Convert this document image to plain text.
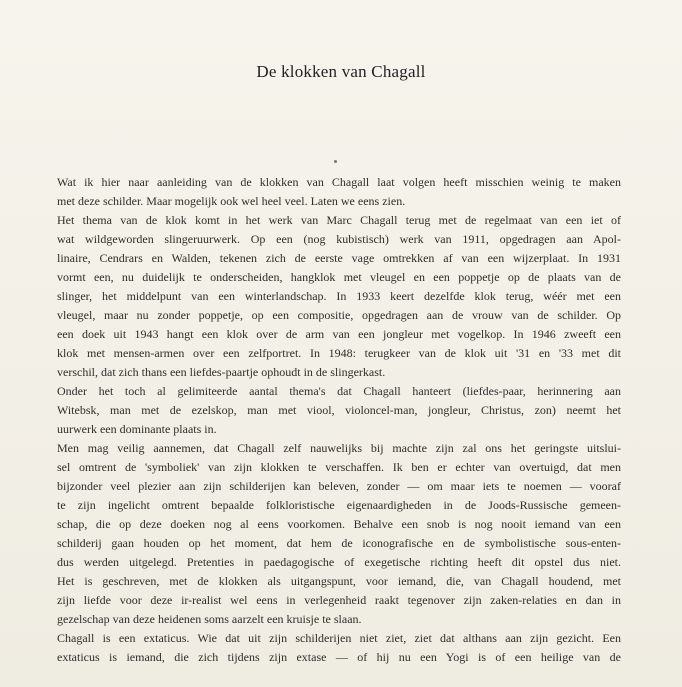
De klokken van Chagall
Wat ik hier naar aanleiding van de klokken van Chagall laat volgen heeft misschien weinig te maken
met deze schilder. Maar mogelijk ook wel heel veel. Laten we eens zien.
Het thema van de klok komt in het werk van Marc Chagall terug met de regelmaat van een iet of
wat wildgeworden slingeruurwerk. Op een (nog kubistisch) werk van 1911, opgedragen aan Apol-
linaire, Cendrars en Walden, tekenen zich de eerste vage omtrekken af van een wijzerplaat. In 1931
vormt een, nu duidelijk te onderscheiden, hangklok met vleugel en een poppetje op de plaats van de
slinger, het middelpunt van een winterlandschap. In 1933 keert dezelfde klok terug, wéér met een
vleugel, maar nu zonder poppetje, op een compositie, opgedragen aan de vrouw van de schilder. Op
een doek uit 1943 hangt een klok over de arm van een jongleur met vogelkop. In 1946 zweeft een
klok met mensen-armen over een zelfportret. In 1948: terugkeer van de klok uit '31 en '33 met dit
verschil, dat zich thans een liefdes-paartje ophoudt in de slingerkast.
Onder het toch al gelimiteerde aantal thema's dat Chagall hanteert (liefdes-paar, herinnering aan
Witebsk, man met de ezelskop, man met viool, violoncel-man, jongleur, Christus, zon) neemt het
uurwerk een dominante plaats in.
Men mag veilig aannemen, dat Chagall zelf nauwelijks bij machte zijn zal ons het geringste uitslui-
sel omtrent de 'symboliek' van zijn klokken te verschaffen. Ik ben er echter van overtuigd, dat men
bijzonder veel plezier aan zijn schilderijen kan beleven, zonder — om maar iets te noemen — vooraf
te zijn ingelicht omtrent bepaalde folkloristische eigenaardigheden in de Joods-Russische gemeen-
schap, die op deze doeken nog al eens voorkomen. Behalve een snob is nog nooit iemand van een
schilderij gaan houden op het moment, dat hem de iconografische en de symbolistische sous-enten-
dus werden uitgelegd. Pretenties in paedagogische of exegetische richting heeft dit opstel dus niet.
Het is geschreven, met de klokken als uitgangspunt, voor iemand, die, van Chagall houdend, met
zijn liefde voor deze ir-realist wel eens in verlegenheid raakt tegenover zijn zaken-relaties en dan in
gezelschap van deze heidenen soms aarzelt een kruisje te slaan.
Chagall is een extaticus. Wie dat uit zijn schilderijen niet ziet, ziet dat althans aan zijn gezicht. Een
extaticus is iemand, die zich tijdens zijn extase — of hij nu een Yogi is of een heilige van de
